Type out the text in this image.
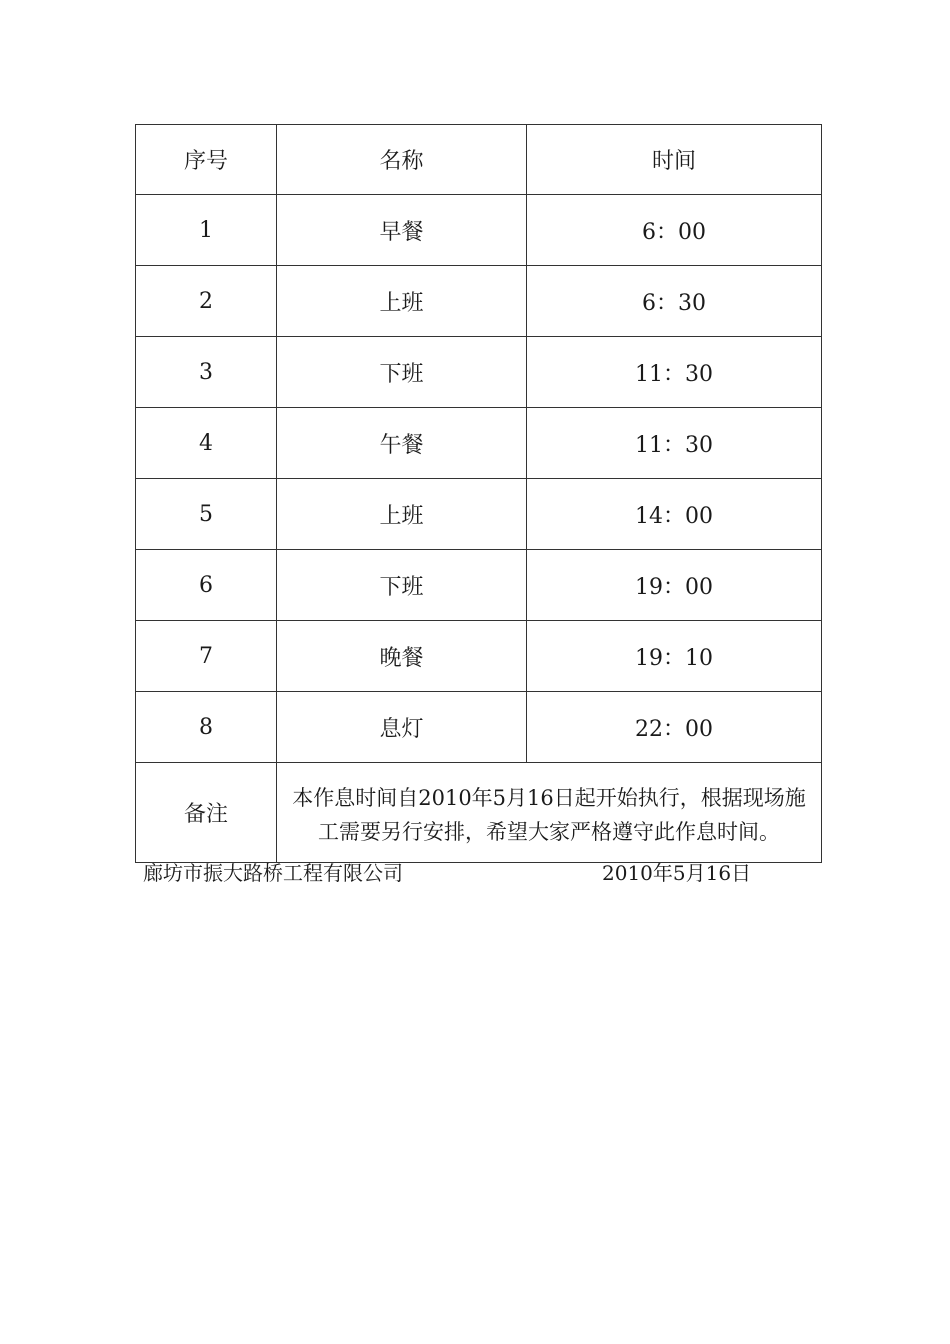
序号	名称	时间
1	早餐	6：00
2	上班	6：30
3	下班	11：30
4	午餐	11：30
5	上班	14：00
6	下班	19：00
7	晚餐	19：10
8	息灯	22：00
备注	本作息时间自2010年5月16日起开始执行，根据现场施工需要另行安排，希望大家严格遵守此作息时间。	
廊坊市振大路桥工程有限公司	2010年5月16日
